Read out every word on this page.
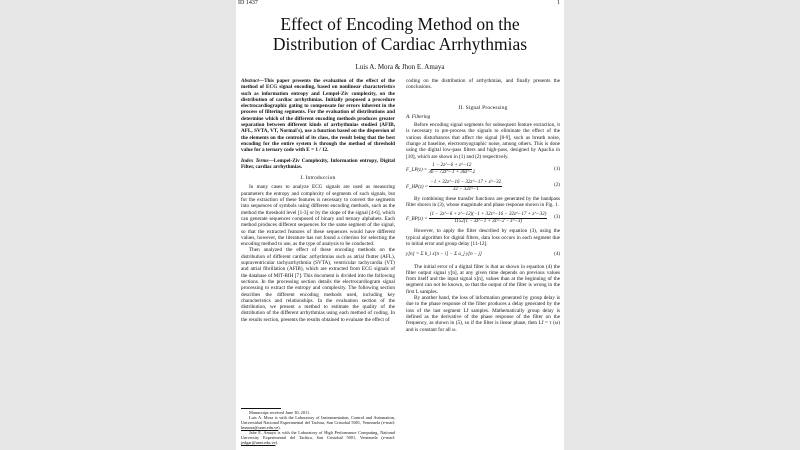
ID 1437	1
Effect of Encoding Method on the Distribution of Cardiac Arrhythmias
Luis A. Mora & Jhon E. Amaya

Abstract—This paper presents the evaluation of the effect of the method of ECG signal encoding, based on nonlinear characteristics such as information entropy and Lempel-Ziv complexity, on the distribution of cardiac arrhythmias. Initially proposed a procedure electrocardiographic gating to compensate for errors inherent in the process of filtering segments. For the evaluation of distributions and determine which of the different encoding methods produces greater separation between different kinds of arrhythmias studied (AFIB, AFL, SVTA, VT, Normal's), use a function based on the dispersion of the elements on the centroid of its class, the result being that the best encoding for the entire system is through the method of threshold value for a ternary code with E = 1 / 12.

Index Terms—Lempel-Ziv Complexity, Information entropy, Digital Filter, cardiac arrhythmias.

I. Introduccion

In many cases to analyze ECG signals are used as measuring parameters the entropy and complexity of segments of such signals, but for the extraction of these features is necessary to convert the segments into sequences of symbols using different encoding methods, such as the method the threshold level [1-3] or by the slope of the signal [4-6], which can generate sequences composed of binary and ternary alphabets. Each method produces different sequences for the same segment of the signal, so that the extracted features of these sequences would have different values, however, the literature has not found a criterion for selecting the encoding method to use, as the type of analysis to be conducted.

Then analyzed the effect of these encoding methods on the distribution of different cardiac arrhythmias such as atrial flutter (AFL), supraventricular tachyarrhythmia (SVTA), ventricular tachycardia (VT) and atrial fibrillation (AFIB), which are extracted from ECG signals of the database of MIT-BIH [7]. This document is divided into the following sections. In the processing section details the electrocardiogram signal processing to extract the entropy and complexity. The following section describes the different encoding methods used, including key characteristics and relationships. In the evaluation section of the distribution, we present a method to estimate the quality of the distribution of the different arrhythmias using each method of coding. In the results section, presents the results obtained to evaluate the effect of

Manuscript received June 30, 2011.

Luis A. Mora is with the Laboratory of Instrumentation, Control and Automation, Universidad Nacional Experimental del Tachira, San Cristobal 5001, Venezuela (e-mail: lmmora@unet.edu.ve).

Jabe E. Amaya is with the Laboratory of High Performance Computing, National University Experimental del Tachira, San Cristobal 5001, Venezuela (e-mail: jedgar@unet.edu.ve).

coding on the distribution of arrhythmias, and finally presents the conclusions.

II. Signal Processing
A. Filtering

Before encoding signal segments for subsequent feature extraction, it is necessary to pre-process the signals to eliminate the effect of the various disturbances that affect the signal [8-9], such as breath noise, change at baseline, electromyographic noise, among others. This is done using the digital low-pass filters and high-pass, designed by Apaclia in [10], which are shown in (1) and (2) respectively.

F_LP(z) = $\frac{1 - 2z\^{}-6 + z\^{}-12}{36 - 72z\^{}-1 + 36z\^{}-2}$	(1)
F_HP(z) = $\frac{-1 + 32z\^{}-16 - 32z\^{}-17 + z\^{}-32}{32 - 32z\^{}-1}$	(2)

By combining these transfer functions are generated by the bandpass filter shown in (3), whose magnitude and phase response shown in Fig. 1.

F_BP(z) = $\frac{(1 - 2z\^{}-6 + z\^{}-12)(-1 + 32z\^{}-16 - 32z\^{}-17 + z\^{}-32)}{1152(1 - 3z\^{}-1 + 3z\^{}-2 - z\^{}-3)} (3)$

However, to apply the filter described by equation (3), using the typical algorithm for digital filters, data loss occurs in each segment due to initial error and group delay [11-12].

y[n] = Σ b_i x[n − i] − Σ a_j y[n − j]	(4)

The initial error of a digital filter is that as shown in equation (4) the filter output signal y[n], at any given time depends on previous values from itself and the input signal x[n], values than at the beginning of the segment can not be known, so that the output of the filter is wrong in the first L samples.

By another hand, the loss of information generated by group delay is due to the phase response of the filter produces a delay generated by the loss of the last segment Lf samples. Mathematically group delay is defined as the derivative of the phase response of the filter on the frequency, as shown in (5), so if the filter is linear phase, then Lf = τ (ω) and is constant for all ω.
